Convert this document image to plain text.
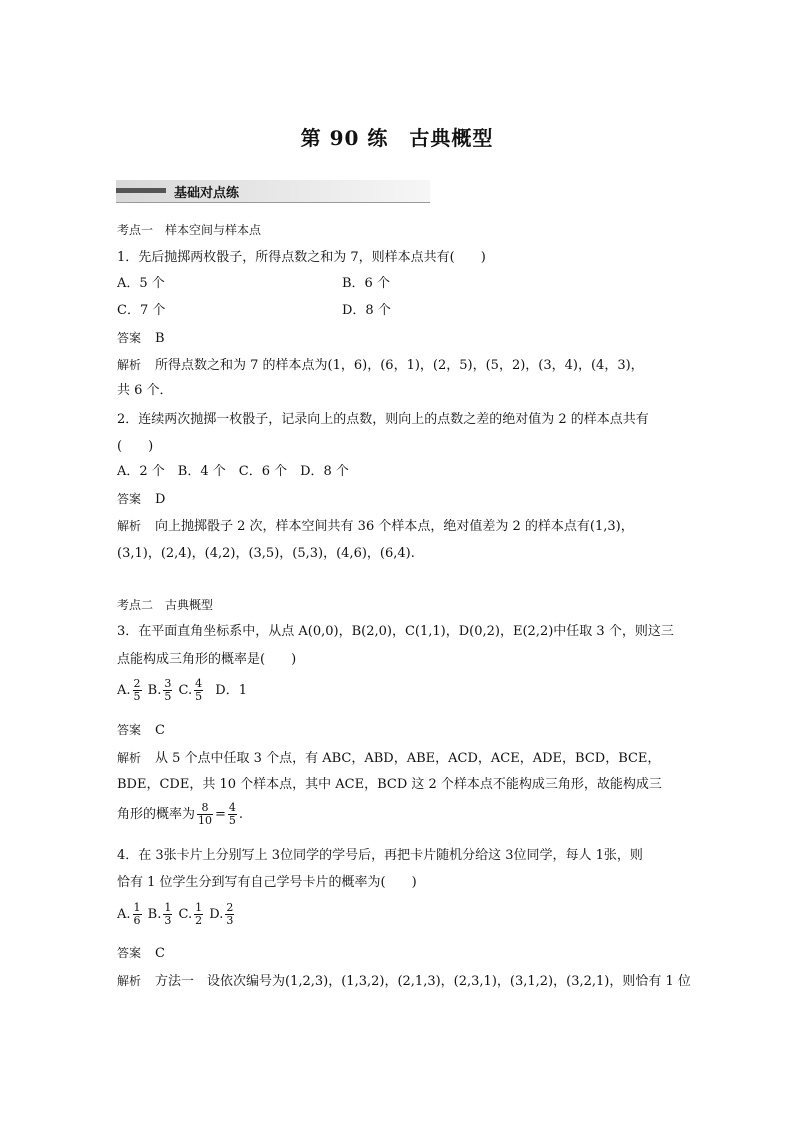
第 90 练　古典概型
基础对点练
考点一　样本空间与样本点
1．先后抛掷两枚骰子，所得点数之和为 7，则样本点共有(　　)
A．5 个	B．6 个
C．7 个	D．8 个
答案 B
解析 所得点数之和为 7 的样本点为(1，6)，(6，1)，(2，5)，(5，2)，(3，4)，(4，3)，
共 6 个．
2．连续两次抛掷一枚骰子，记录向上的点数，则向上的点数之差的绝对值为 2 的样本点共有
(　　)
A．2 个　B．4 个　C．6 个　D．8 个
答案 D
解析 向上抛掷骰子 2 次，样本空间共有 36 个样本点，绝对值差为 2 的样本点有(1,3)，
(3,1)，(2,4)，(4,2)，(3,5)，(5,3)，(4,6)，(6,4).
考点二　古典概型
3．在平面直角坐标系中，从点 A(0,0)，B(2,0)，C(1,1)，D(0,2)，E(2,2)中任取 3 个，则这三
点能构成三角形的概率是(　　)
A. $\frac{2}{5} B$. $\frac{3}{5} C$. $\frac{4}{5}$ D．1
答案 C
解析 从 5 个点中任取 3 个点，有 ABC，ABD，ABE，ACD，ACE，ADE，BCD，BCE，
BDE，CDE，共 10 个样本点，其中 ACE，BCD 这 2 个样本点不能构成三角形，故能构成三
角形的概率为 $\frac{8}{10} = \frac{4}{5}$ .
4．在 3张卡片上分别写上 3位同学的学号后，再把卡片随机分给这 3位同学，每人 1张，则
恰有 1 位学生分到写有自己学号卡片的概率为(　　)
A. $\frac{1}{6} B$. $\frac{1}{3} C$. $\frac{1}{2} D$. $\frac{2}{3}$
答案 C
解析 方法一　设依次编号为(1,2,3)，(1,3,2)，(2,1,3)，(2,3,1)，(3,1,2)，(3,2,1)，则恰有 1 位
